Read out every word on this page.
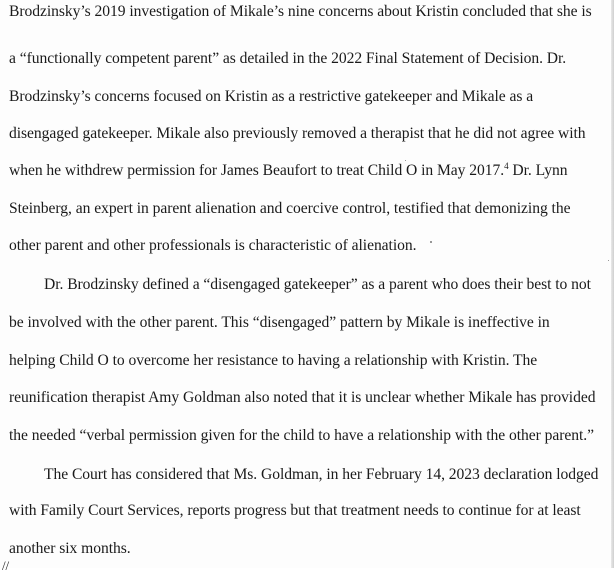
Brodzinsky’s 2019 investigation of Mikale’s nine concerns about Kristin concluded that she is
a “functionally competent parent” as detailed in the 2022 Final Statement of Decision. Dr.
Brodzinsky’s concerns focused on Kristin as a restrictive gatekeeper and Mikale as a
disengaged gatekeeper. Mikale also previously removed a therapist that he did not agree with
when he withdrew permission for James Beaufort to treat Child O in May 2017.$^4$ Dr. Lynn
Steinberg, an expert in parent alienation and coercive control, testified that demonizing the
other parent and other professionals is characteristic of alienation.
Dr. Brodzinsky defined a “disengaged gatekeeper” as a parent who does their best to not
be involved with the other parent. This “disengaged” pattern by Mikale is ineffective in
helping Child O to overcome her resistance to having a relationship with Kristin. The
reunification therapist Amy Goldman also noted that it is unclear whether Mikale has provided
the needed “verbal permission given for the child to have a relationship with the other parent.”
The Court has considered that Ms. Goldman, in her February 14, 2023 declaration lodged
with Family Court Services, reports progress but that treatment needs to continue for at least
another six months.
//
